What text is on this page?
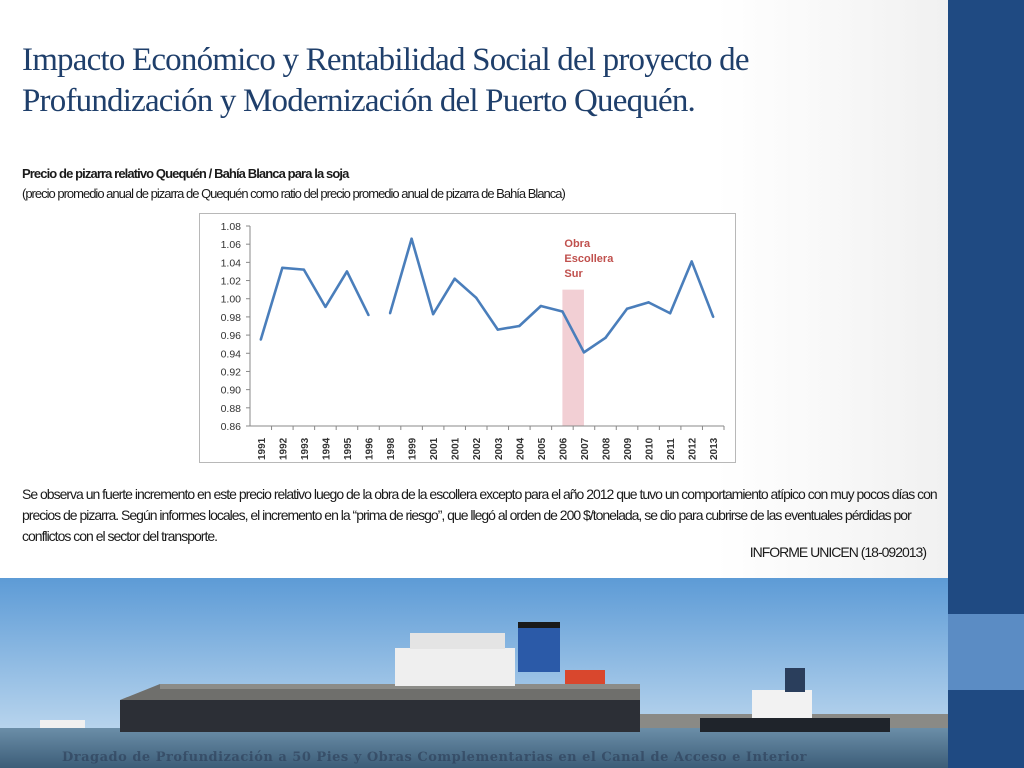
Impacto Económico y Rentabilidad Social del proyecto de Profundización y Modernización del Puerto Quequén.

Precio de pizarra relativo Quequén / Bahía Blanca para la soja

(precio promedio anual de pizarra de Quequén como ratio del precio promedio anual de pizarra de Bahía Blanca)

Obra
Escollera
Sur
1.08
1.06
1.04
1.02
1.00
0.98
0.96
0.94
0.92
0.90
0.88
0.86
1991 1992 1993 1994 1995 1996 1998 1999 2001 2001 2002 2003 2004 2005 2006 2007 2008 2009 2010 2011 2012 2013

Se observa un fuerte incremento en este precio relativo luego de la obra de la escollera excepto para el año 2012 que tuvo un comportamiento atípico con muy pocos días con precios de pizarra. Según informes locales, el incremento en la “prima de riesgo”, que llegó al orden de 200 $/tonelada, se dio para cubrirse de las eventuales pérdidas por conflictos con el sector del transporte.

INFORME UNICEN (18-092013)

Dragado de Profundización a 50 Pies y Obras Complementarias en el Canal de Acceso e Interior
